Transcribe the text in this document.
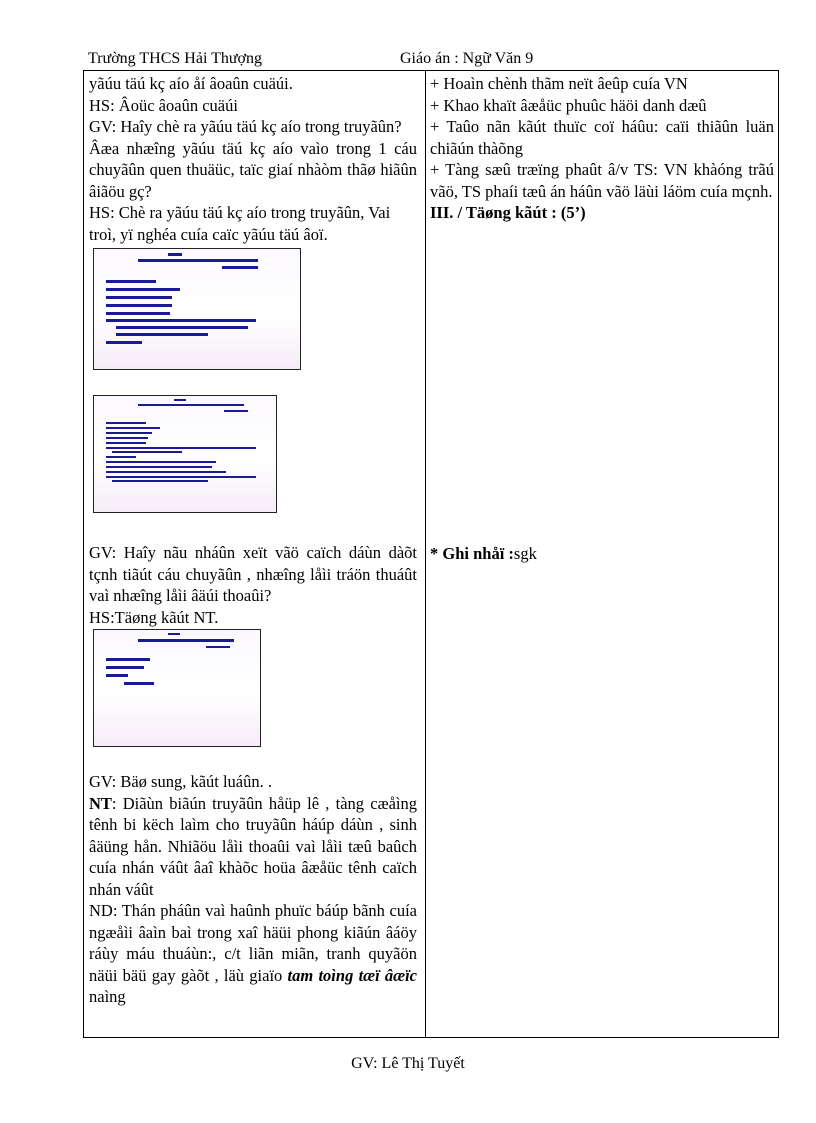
Trường THCS Hải Thượng	Giáo án : Ngữ Văn 9

yãúu täú kç aío åí âoaûn cuäúi.

HS: Âoüc âoaûn cuäúi

GV: Haîy chè ra yãúu täú kç aío trong truyãûn?

Âæa nhæîng yãúu täú kç aío vaìo trong 1 cáu chuyãûn quen thuäüc, taïc giaí nhàòm thãø hiãûn âiãöu gç?

HS: Chè ra yãúu täú kç aío trong truyãûn, Vai troì, yï nghéa cuía caïc yãúu täú âoï.

GV: Haîy nãu nháûn xeït vãö caïch dáùn dàõt tçnh tiãút cáu chuyãûn , nhæîng låìi tráön thuáût vaì nhæîng låìi âäúi thoaûi?

HS:Täøng kãút NT.

GV: Bäø sung, kãút luáûn. .

NT: Diãùn biãún truyãûn håüp lê , tàng cæåìng tênh bi këch laìm cho truyãûn háúp dáùn , sinh âäüng hån. Nhiãöu låìi thoaûi vaì låìi tæû baûch cuía nhán váût âaî khàõc hoüa âæåüc tênh caïch nhán váût

ND: Thán pháûn vaì haûnh phuïc báúp bãnh cuía ngæåìi âaìn baì trong xaî häüi phong kiãún âáöy ráùy máu thuáùn:, c/t liãn miãn, tranh quyãön näüi bäü gay gàõt , läù giaïo tam toìng tæï âæïc naìng

+ Hoaìn chènh thãm neït âeûp cuía VN

+ Khao khaït âæåüc phuûc häöi danh dæû

+ Taûo nãn kãút thuïc coï háûu: caïi thiãûn luän chiãún thàõng

+ Tàng sæû træïng phaût â/v TS: VN khàóng trãú vãö, TS phaíi tæû án háûn vãö läùi láöm cuía mçnh.

III. / Täøng kãút : (5’)

* Ghi nhåï :sgk

GV: Lê Thị Tuyết
